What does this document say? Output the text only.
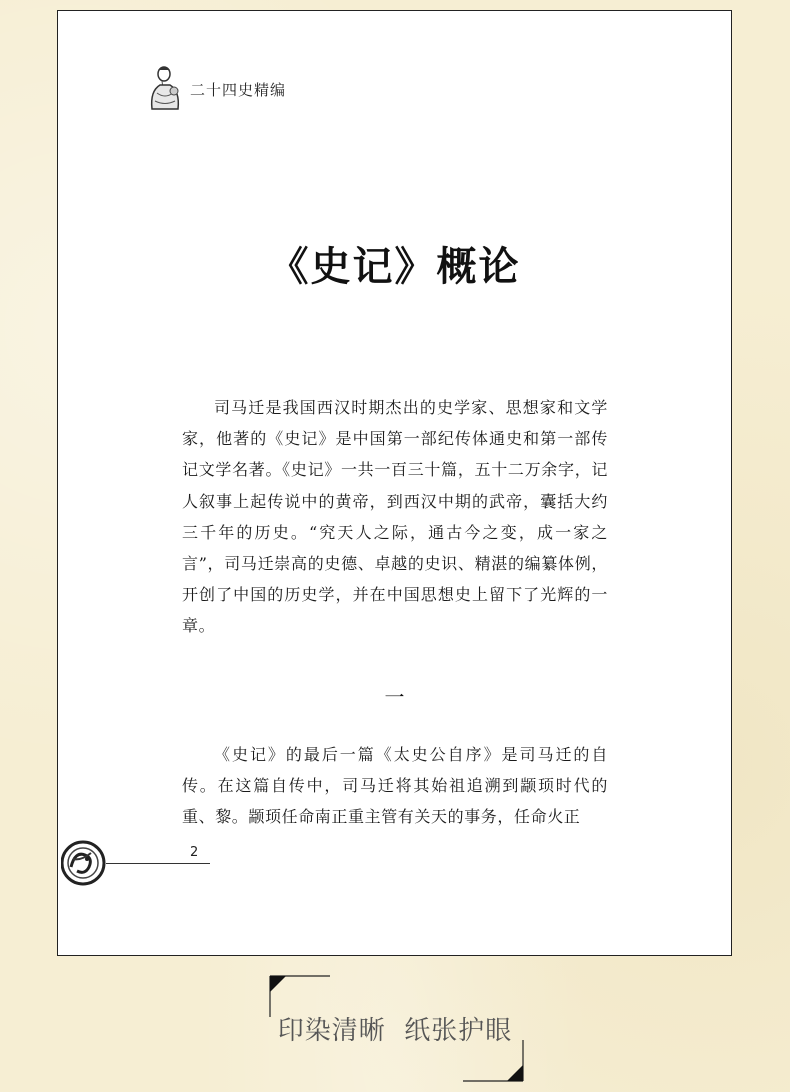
二十四史精编
《史记》概论

司马迁是我国西汉时期杰出的史学家、思想家和文学家，他著的《史记》是中国第一部纪传体通史和第一部传记文学名著。《史记》一共一百三十篇，五十二万余字，记人叙事上起传说中的黄帝，到西汉中期的武帝，囊括大约三千年的历史。“究天人之际，通古今之变，成一家之言”，司马迁崇高的史德、卓越的史识、精湛的编纂体例，开创了中国的历史学，并在中国思想史上留下了光辉的一章。

一

《史记》的最后一篇《太史公自序》是司马迁的自传。在这篇自传中，司马迁将其始祖追溯到颛顼时代的重、黎。颛顼任命南正重主管有关天的事务，任命火正

2
印染清晰  纸张护眼
